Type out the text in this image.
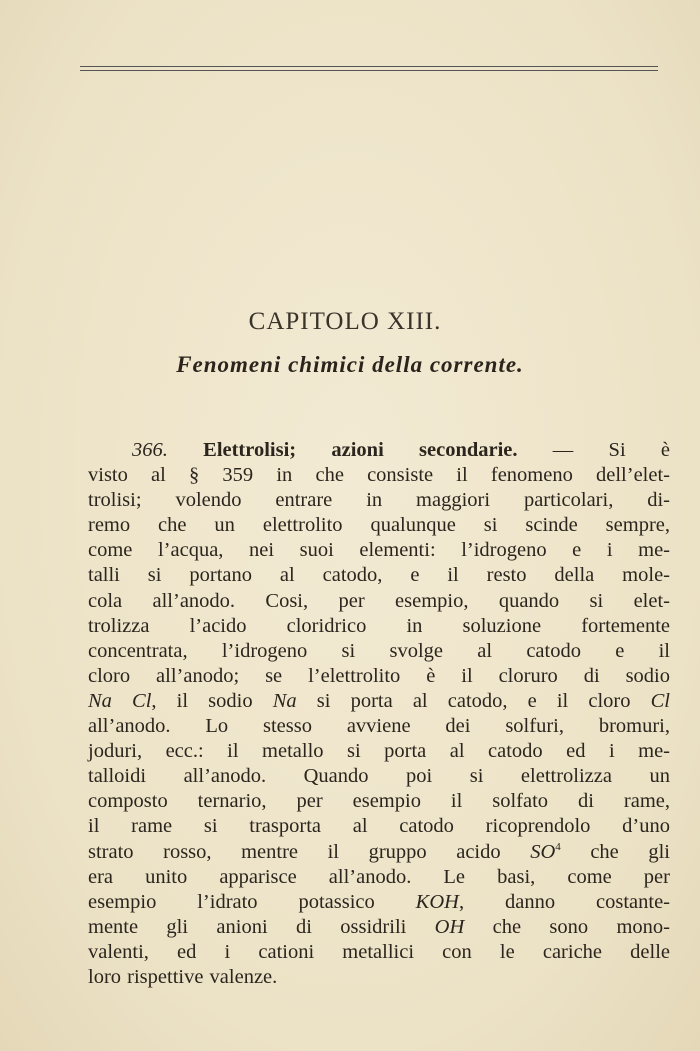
CAPITOLO XIII.
Fenomeni chimici della corrente.
366. Elettrolisi; azioni secondarie. — Si è
visto al § 359 in che consiste il fenomeno dell’elet-
trolisi; volendo entrare in maggiori particolari, di-
remo che un elettrolito qualunque si scinde sempre,
come l’acqua, nei suoi elementi: l’idrogeno e i me-
talli si portano al catodo, e il resto della mole-
cola all’anodo. Cosi, per esempio, quando si elet-
trolizza l’acido cloridrico in soluzione fortemente
concentrata, l’idrogeno si svolge al catodo e il
cloro all’anodo; se l’elettrolito è il cloruro di sodio
Na Cl, il sodio Na si porta al catodo, e il cloro Cl
all’anodo. Lo stesso avviene dei solfuri, bromuri,
joduri, ecc.: il metallo si porta al catodo ed i me-
talloidi all’anodo. Quando poi si elettrolizza un
composto ternario, per esempio il solfato di rame,
il rame si trasporta al catodo ricoprendolo d’uno
strato rosso, mentre il gruppo acido $SO^4$ che gli
era unito apparisce all’anodo. Le basi, come per
esempio l’idrato potassico KOH, danno costante-
mente gli anioni di ossidrili OH che sono mono-
valenti, ed i cationi metallici con le cariche delle
loro rispettive valenze.
